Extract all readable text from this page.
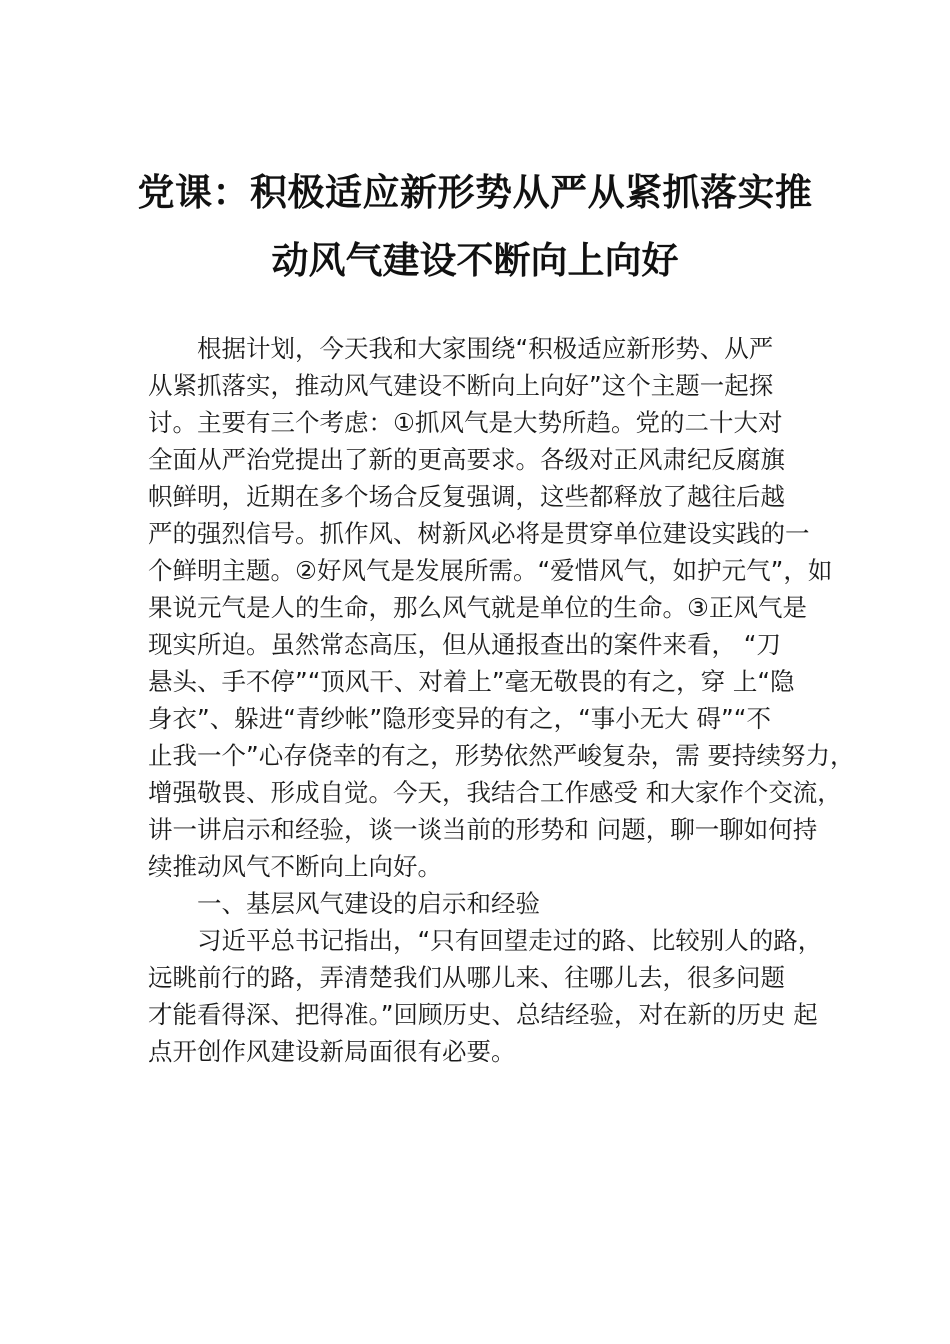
党课：积极适应新形势从严从紧抓落实推
动风气建设不断向上向好
根据计划，今天我和大家围绕“积极适应新形势、从严
从紧抓落实，推动风气建设不断向上向好”这个主题一起探
讨。主要有三个考虑：①抓风气是大势所趋。党的二十大对
全面从严治党提出了新的更高要求。各级对正风肃纪反腐旗
帜鲜明，近期在多个场合反复强调，这些都释放了越往后越
严的强烈信号。抓作风、树新风必将是贯穿单位建设实践的一
个鲜明主题。②好风气是发展所需。“爱惜风气，如护元气”，如
果说元气是人的生命，那么风气就是单位的生命。③正风气是
现实所迫。虽然常态高压，但从通报查出的案件来看， “刀
悬头、手不停”“顶风干、对着上”毫无敬畏的有之，穿 上“隐
身衣”、躲进“青纱帐”隐形变异的有之，“事小无大 碍”“不
止我一个”心存侥幸的有之，形势依然严峻复杂，需 要持续努力，
增强敬畏、形成自觉。今天，我结合工作感受 和大家作个交流，
讲一讲启示和经验，谈一谈当前的形势和 问题，聊一聊如何持
续推动风气不断向上向好。
一、基层风气建设的启示和经验
习近平总书记指出，“只有回望走过的路、比较别人的路，
远眺前行的路，弄清楚我们从哪儿来、往哪儿去，很多问题
才能看得深、把得准。”回顾历史、总结经验，对在新的历史 起
点开创作风建设新局面很有必要。
